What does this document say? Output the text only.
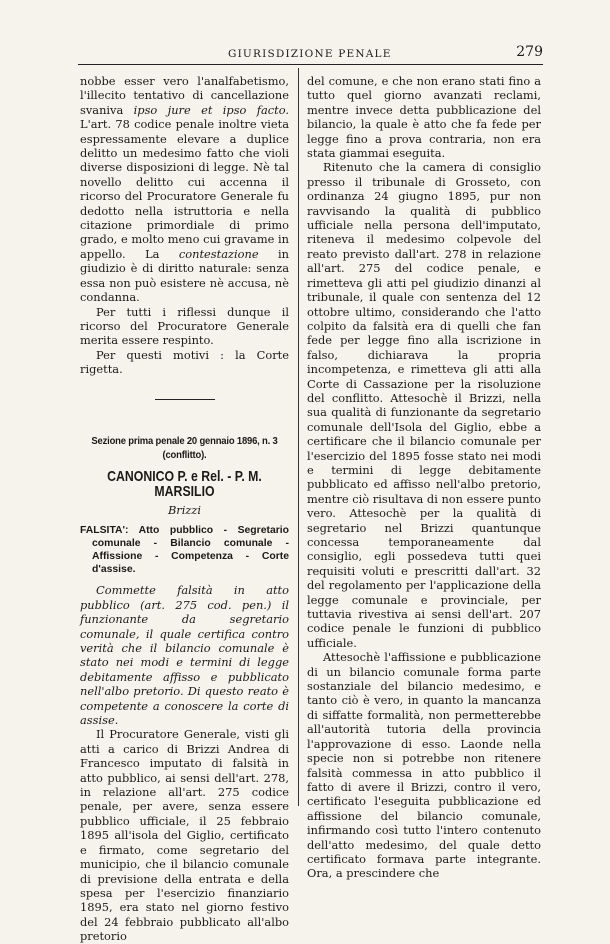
GIURISDIZIONE PENALE	279

nobbe esser vero l'analfabetismo, l'illecito tentativo di cancellazione svaniva ipso jure et ipso facto. L'art. 78 codice penale inoltre vieta espressamente elevare a duplice delitto un medesimo fatto che violi diverse disposizioni di legge. Nè tal novello delitto cui accenna il ricorso del Procuratore Generale fu dedotto nella istruttoria e nella citazione primordiale di primo grado, e molto meno cui gravame in appello. La contestazione in giudizio è di diritto naturale: senza essa non può esistere nè accusa, nè condanna.

Per tutti i riflessi dunque il ricorso del Procuratore Generale merita essere respinto.

Per questi motivi : la Corte rigetta.

Sezione prima penale 20 gennaio 1896, n. 3 (conflitto).
CANONICO P. e Rel. - P. M. MARSILIO
Brizzi
FALSITA': Atto pubblico - Segretario comunale - Bilancio comunale - Affissione - Competenza - Corte d'assise.

Commette falsità in atto pubblico (art. 275 cod. pen.) il funzionante da segretario comunale, il quale certifica contro verità che il bilancio comunale è stato nei modi e termini di legge debitamente affisso e pubblicato nell'albo pretorio. Di questo reato è competente a conoscere la corte di assise.

Il Procuratore Generale, visti gli atti a carico di Brizzi Andrea di Francesco imputato di falsità in atto pubblico, ai sensi dell'art. 278, in relazione all'art. 275 codice penale, per avere, senza essere pubblico ufficiale, il 25 febbraio 1895 all'isola del Giglio, certificato e firmato, come segretario del municipio, che il bilancio comunale di previsione della entrata e della spesa per l'esercizio finanziario 1895, era stato nel giorno festivo del 24 febbraio pubblicato all'albo pretorio

del comune, e che non erano stati fino a tutto quel giorno avanzati reclami, mentre invece detta pubblicazione del bilancio, la quale è atto che fa fede per legge fino a prova contraria, non era stata giammai eseguita.

Ritenuto che la camera di consiglio presso il tribunale di Grosseto, con ordinanza 24 giugno 1895, pur non ravvisando la qualità di pubblico ufficiale nella persona dell'imputato, riteneva il medesimo colpevole del reato previsto dall'art. 278 in relazione all'art. 275 del codice penale, e rimetteva gli atti pel giudizio dinanzi al tribunale, il quale con sentenza del 12 ottobre ultimo, considerando che l'atto colpito da falsità era di quelli che fan fede per legge fino alla iscrizione in falso, dichiarava la propria incompetenza, e rimetteva gli atti alla Corte di Cassazione per la risoluzione del conflitto. Attesochè il Brizzi, nella sua qualità di funzionante da segretario comunale dell'Isola del Giglio, ebbe a certificare che il bilancio comunale per l'esercizio del 1895 fosse stato nei modi e termini di legge debitamente pubblicato ed affisso nell'albo pretorio, mentre ciò risultava di non essere punto vero. Attesochè per la qualità di segretario nel Brizzi quantunque concessa temporaneamente dal consiglio, egli possedeva tutti quei requisiti voluti e prescritti dall'art. 32 del regolamento per l'applicazione della legge comunale e provinciale, per tuttavia rivestiva ai sensi dell'art. 207 codice penale le funzioni di pubblico ufficiale.

Attesochè l'affissione e pubblicazione di un bilancio comunale forma parte sostanziale del bilancio medesimo, e tanto ciò è vero, in quanto la mancanza di siffatte formalità, non permetterebbe all'autorità tutoria della provincia l'approvazione di esso. Laonde nella specie non si potrebbe non ritenere falsità commessa in atto pubblico il fatto di avere il Brizzi, contro il vero, certificato l'eseguita pubblicazione ed affissione del bilancio comunale, infirmando così tutto l'intero contenuto dell'atto medesimo, del quale detto certificato formava parte integrante. Ora, a prescindere che
